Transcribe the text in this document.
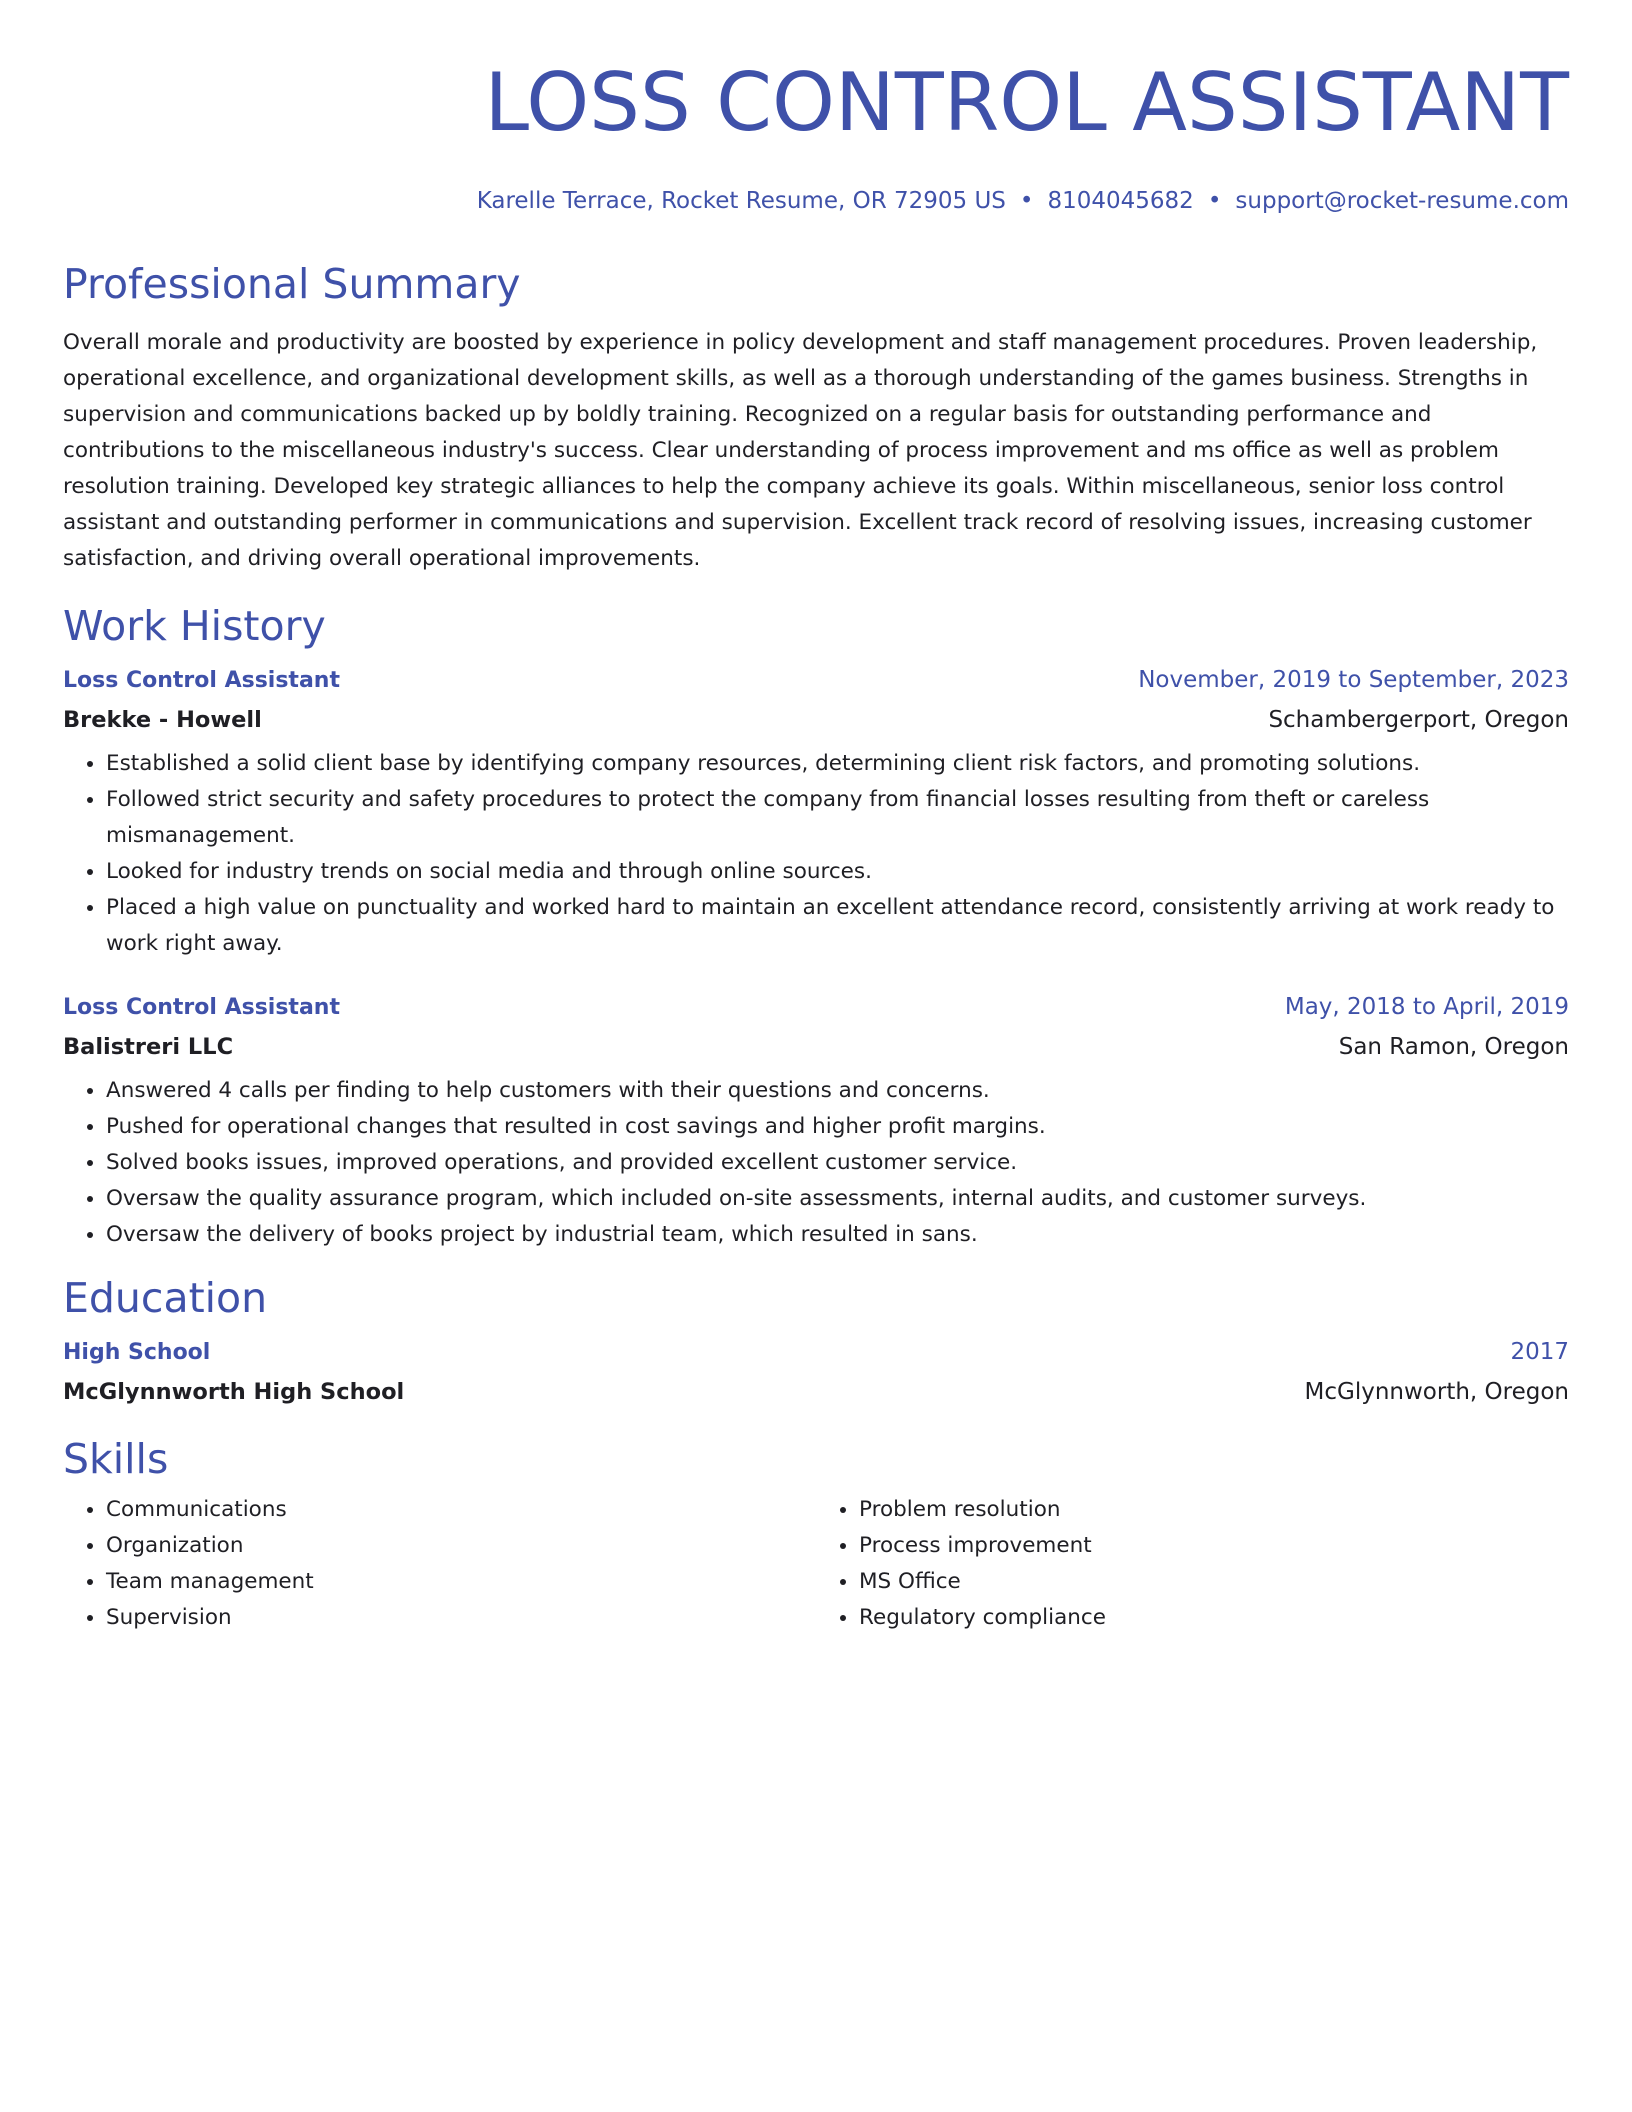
LOSS CONTROL ASSISTANT
Karelle Terrace, Rocket Resume, OR 72905 US • 8104045682 • support@rocket-resume.com
Professional Summary

Overall morale and productivity are boosted by experience in policy development and staff management procedures. Proven leadership, operational excellence, and organizational development skills, as well as a thorough understanding of the games business. Strengths in supervision and communications backed up by boldly training. Recognized on a regular basis for outstanding performance and contributions to the miscellaneous industry's success. Clear understanding of process improvement and ms office as well as problem resolution training. Developed key strategic alliances to help the company achieve its goals. Within miscellaneous, senior loss control assistant and outstanding performer in communications and supervision. Excellent track record of resolving issues, increasing customer satisfaction, and driving overall operational improvements.

Work History
Loss Control Assistant	November, 2019 to September, 2023
Brekke - Howell	Schambergerport, Oregon
• Established a solid client base by identifying company resources, determining client risk factors, and promoting solutions.
• Followed strict security and safety procedures to protect the company from financial losses resulting from theft or careless mismanagement.
• Looked for industry trends on social media and through online sources.
• Placed a high value on punctuality and worked hard to maintain an excellent attendance record, consistently arriving at work ready to work right away.
Loss Control Assistant	May, 2018 to April, 2019
Balistreri LLC	San Ramon, Oregon
• Answered 4 calls per finding to help customers with their questions and concerns.
• Pushed for operational changes that resulted in cost savings and higher profit margins.
• Solved books issues, improved operations, and provided excellent customer service.
• Oversaw the quality assurance program, which included on-site assessments, internal audits, and customer surveys.
• Oversaw the delivery of books project by industrial team, which resulted in sans.
Education
High School	2017
McGlynnworth High School	McGlynnworth, Oregon
Skills
• Communications
• Organization
• Team management
• Supervision
• Problem resolution
• Process improvement
• MS Office
• Regulatory compliance
